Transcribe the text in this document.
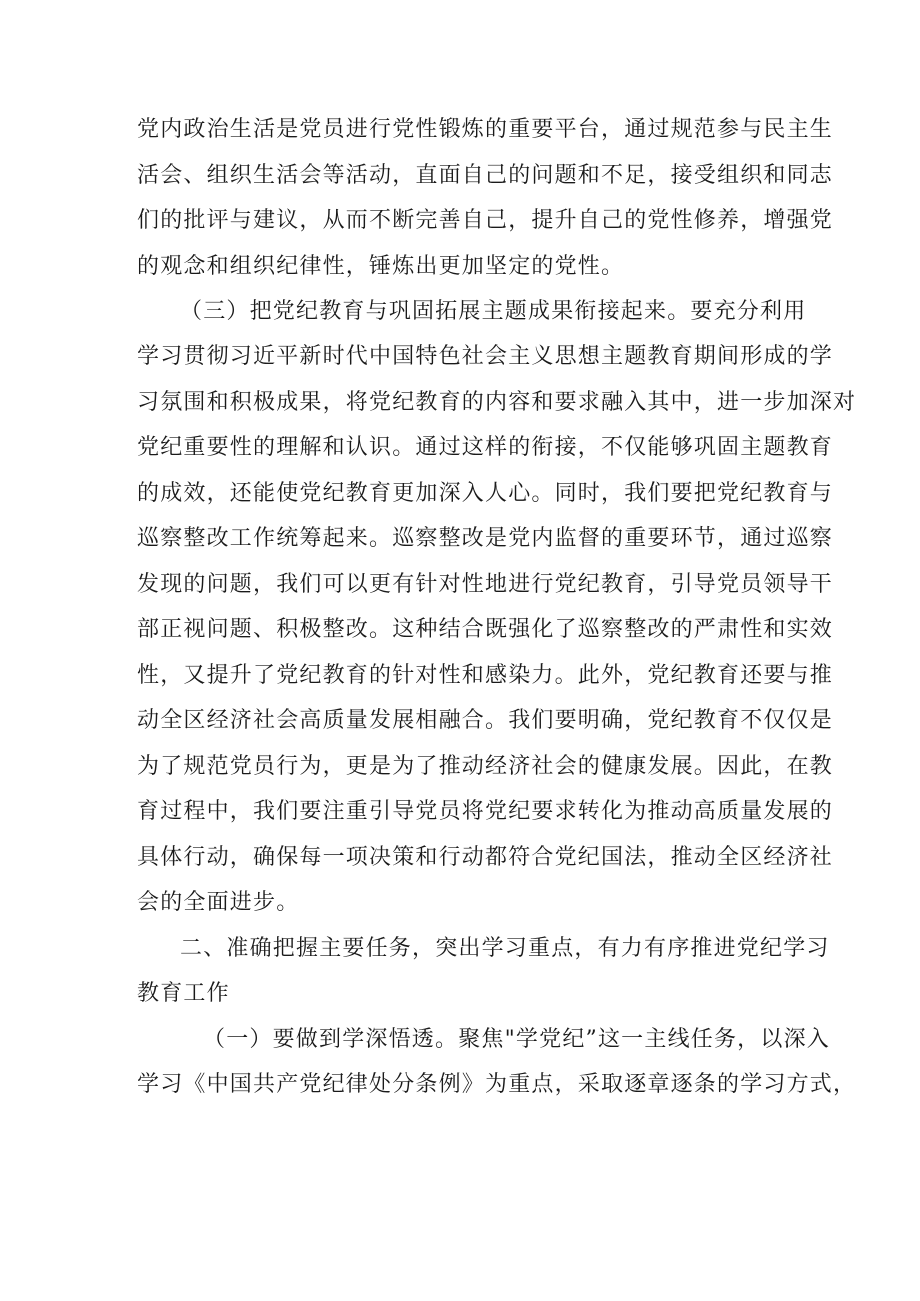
党内政治生活是党员进行党性锻炼的重要平台，通过规范参与民主生
活会、组织生活会等活动，直面自己的问题和不足，接受组织和同志
们的批评与建议，从而不断完善自己，提升自己的党性修养，增强党
的观念和组织纪律性，锤炼出更加坚定的党性。
（三）把党纪教育与巩固拓展主题成果衔接起来。要充分利用
学习贯彻习近平新时代中国特色社会主义思想主题教育期间形成的学
习氛围和积极成果，将党纪教育的内容和要求融入其中，进一步加深对
党纪重要性的理解和认识。通过这样的衔接，不仅能够巩固主题教育
的成效，还能使党纪教育更加深入人心。同时，我们要把党纪教育与
巡察整改工作统筹起来。巡察整改是党内监督的重要环节，通过巡察
发现的问题，我们可以更有针对性地进行党纪教育，引导党员领导干
部正视问题、积极整改。这种结合既强化了巡察整改的严肃性和实效
性，又提升了党纪教育的针对性和感染力。此外，党纪教育还要与推
动全区经济社会高质量发展相融合。我们要明确，党纪教育不仅仅是
为了规范党员行为，更是为了推动经济社会的健康发展。因此，在教
育过程中，我们要注重引导党员将党纪要求转化为推动高质量发展的
具体行动，确保每一项决策和行动都符合党纪国法，推动全区经济社
会的全面进步。
二、准确把握主要任务，突出学习重点，有力有序推进党纪学习
教育工作
（一）要做到学深悟透。聚焦"学党纪”这一主线任务，以深入
学习《中国共产党纪律处分条例》为重点，采取逐章逐条的学习方式，
